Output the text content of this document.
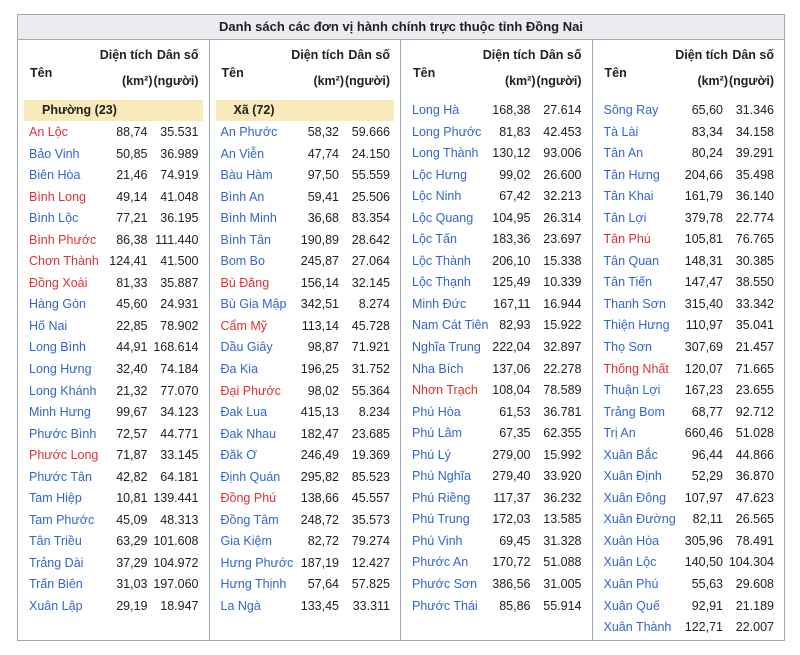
Danh sách các đơn vị hành chính trực thuộc tỉnh Đồng Nai
Tên
Diện tích
(km²)
Dân số
(người)
Phường (23)
An Lộc	88,74 35.531
Bảo Vinh	50,85 36.989
Biên Hòa	21,46 74.919
Bình Long 49,14 41.048
Bình Lộc	77,21 36.195
Bình Phước 86,38 111.440
Chơn Thành 124,41 41.500
Đồng Xoài 81,33 35.887
Hàng Gòn 45,60 24.931
Hố Nai	22,85 78.902
Long Bình 44,91 168.614
Long Hưng 32,40 74.184
Long Khánh 21,32 77.070
Minh Hưng 99,67 34.123
Phước Bình 72,57 44.771
Phước Long 71,87 33.145
Phước Tân 42,82 64.181
Tam Hiệp	10,81 139.441
Tam Phước 45,09 48.313
Tân Triều	63,29 101.608
Trảng Dài	37,29 104.972
Trấn Biên	31,03 197.060
Xuân Lập	29,19 18.947
Tên
Diện tích
(km²)
Dân số
(người)
Xã (72)
An Phước 58,32 59.666
An Viễn	47,74 24.150
Bàu Hàm	97,50 55.559
Bình An	59,41 25.506
Bình Minh 36,68 83.354
Bình Tân 190,89 28.642
Bom Bo	245,87 27.064
Bù Đăng	156,14 32.145
Bù Gia Mập 342,51 8.274
Cẩm Mỹ	113,14 45.728
Dầu Giây	98,87 71.921
Đa Kia	196,25 31.752
Đại Phước 98,02 55.364
Đak Lua	415,13 8.234
Đak Nhau 182,47 23.685
Đăk Ơ	246,49 19.369
Định Quán 295,82 85.523
Đồng Phú 138,66 45.557
Đồng Tâm 248,72 35.573
Gia Kiệm	82,72 79.274
Hưng Phước 187,19 12.427
Hưng Thịnh 57,64 57.825
La Ngà	133,45 33.311
Tên
Diện tích
(km²)
Dân số
(người)
Long Hà	168,38 27.614
Long Phước 81,83 42.453
Long Thành 130,12 93.006
Lộc Hưng	99,02 26.600
Lộc Ninh	67,42 32.213
Lộc Quang 104,95 26.314
Lộc Tấn	183,36 23.697
Lộc Thành 206,10 15.338
Lộc Thạnh 125,49 10.339
Minh Đức 167,11 16.944
Nam Cát Tiên 82,93 15.922
Nghĩa Trung 222,04 32.897
Nha Bích 137,06 22.278
Nhơn Trạch 108,04 78.589
Phú Hòa	61,53 36.781
Phú Lâm	67,35 62.355
Phú Lý	279,00 15.992
Phú Nghĩa 279,40 33.920
Phú Riềng 117,37 36.232
Phú Trung 172,03 13.585
Phú Vinh	69,45 31.328
Phước An 170,72 51.088
Phước Sơn 386,56 31.005
Phước Thái 85,86 55.914
Tên
Diện tích
(km²)
Dân số
(người)
Sông Ray	65,60 31.346
Tà Lài	83,34 34.158
Tân An	80,24 39.291
Tân Hưng 204,66 35.498
Tân Khai 161,79 36.140
Tân Lợi	379,78 22.774
Tân Phú	105,81 76.765
Tân Quan 148,31 30.385
Tân Tiến	147,47 38.550
Thanh Sơn 315,40 33.342
Thiện Hưng 110,97 35.041
Thọ Sơn	307,69 21.457
Thống Nhất 120,07 71.665
Thuận Lợi 167,23 23.655
Trảng Bom 68,77 92.712
Trị An	660,46 51.028
Xuân Bắc	96,44 44.866
Xuân Định 52,29 36.870
Xuân Đông 107,97 47.623
Xuân Đường 82,11 26.565
Xuân Hòa 305,96 78.491
Xuân Lộc 140,50 104.304
Xuân Phú	55,63 29.608
Xuân Quế	92,91 21.189
Xuân Thành 122,71 22.007
